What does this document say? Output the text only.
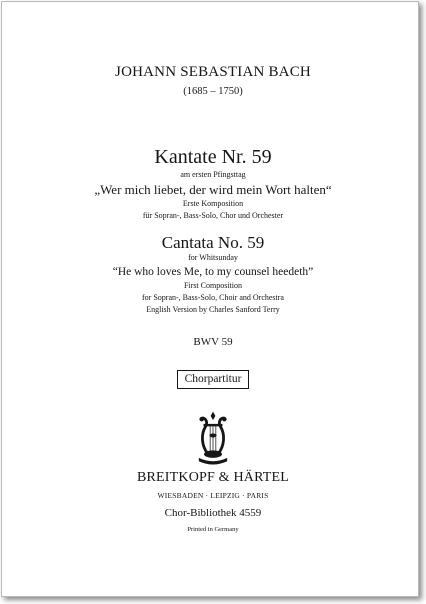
JOHANN SEBASTIAN BACH
(1685 – 1750)
Kantate Nr. 59
am ersten Pfingsttag
„Wer mich liebet, der wird mein Wort halten“
Erste Komposition
für Sopran-, Bass-Solo, Chor und Orchester
Cantata No. 59
for Whitsunday
“He who loves Me, to my counsel heedeth”
First Composition
for Sopran-, Bass-Solo, Choir and Orchestra
English Version by Charles Sanford Terry
BWV 59
Chorpartitur
BREITKOPF & HÄRTEL
WIESBADEN · LEIPZIG · PARIS
Chor-Bibliothek 4559
Printed in Germany
